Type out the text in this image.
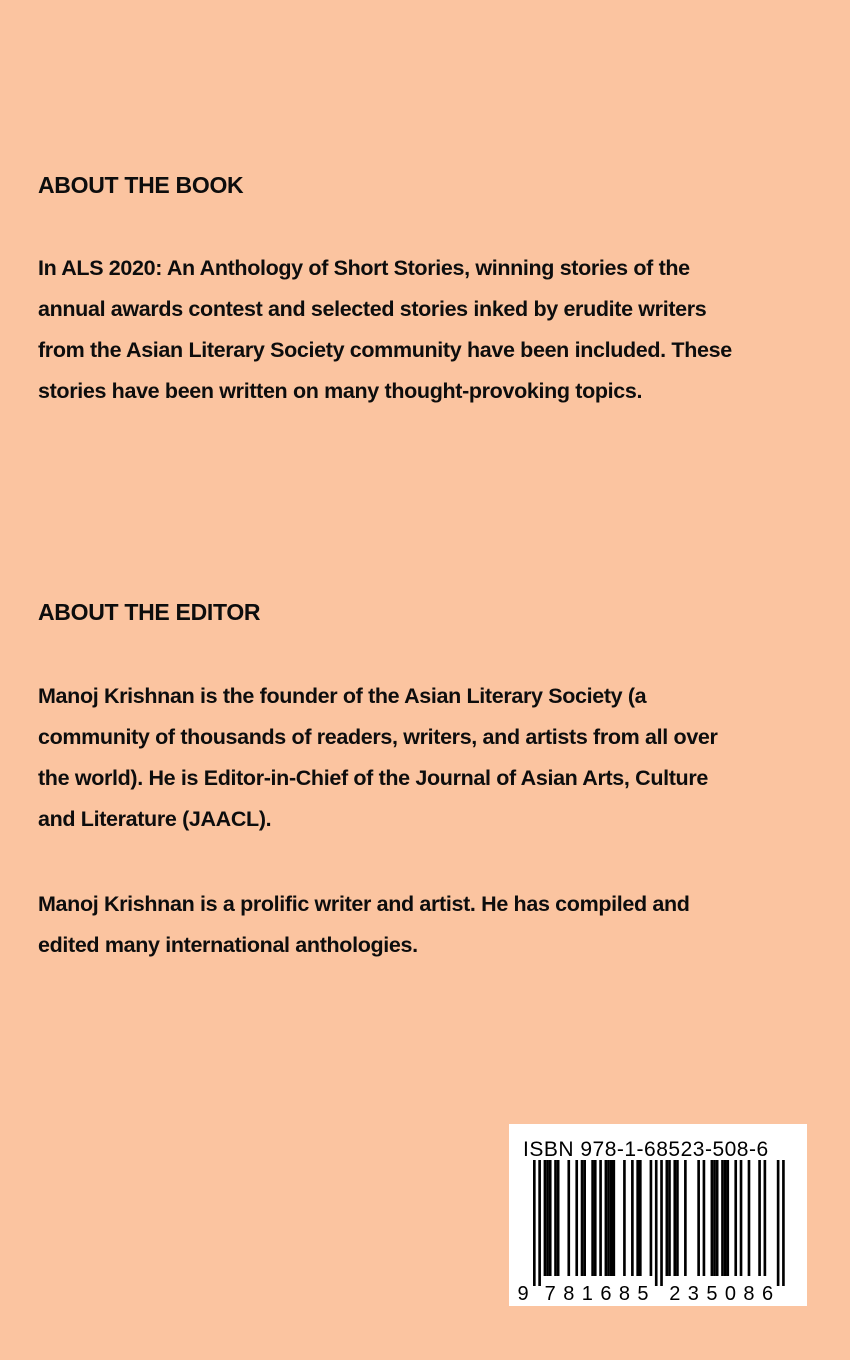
ABOUT THE BOOK
In ALS 2020: An Anthology of Short Stories, winning stories of the
annual awards contest and selected stories inked by erudite writers
from the Asian Literary Society community have been included. These
stories have been written on many thought-provoking topics.
ABOUT THE EDITOR
Manoj Krishnan is the founder of the Asian Literary Society (a
community of thousands of readers, writers, and artists from all over
the world). He is Editor-in-Chief of the Journal of Asian Arts, Culture
and Literature (JAACL).
Manoj Krishnan is a prolific writer and artist. He has compiled and
edited many international anthologies.
9 7 8 1 6 8 5 2 3 5 0 8 6
ISBN 978-1-68523-508-6
